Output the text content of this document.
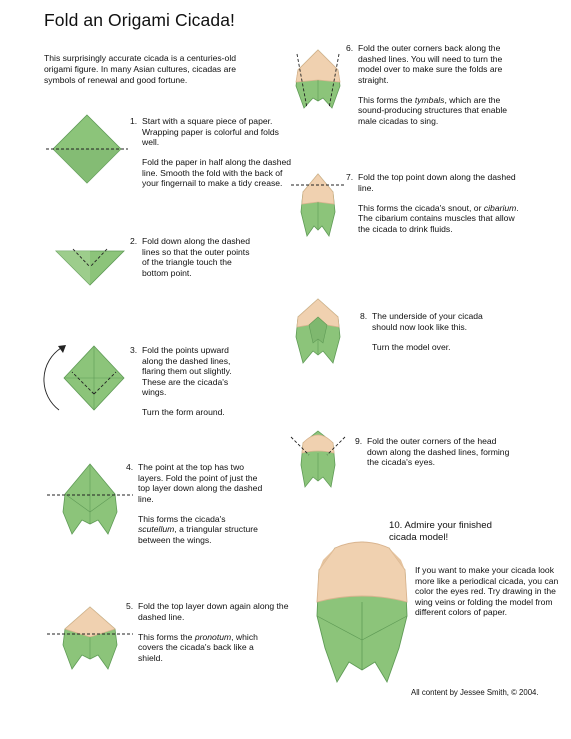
Fold an Origami Cicada!
This surprisingly accurate cicada is a centuries-old origami figure. In many Asian cultures, cicadas are symbols of renewal and good fortune.

1. Start with a square piece of paper. Wrapping paper is colorful and folds well.

Fold the paper in half along the dashed line. Smooth the fold with the back of your fingernail to make a tidy crease.

2. Fold down along the dashed lines so that the outer points of the triangle touch the bottom point.

3. Fold the points upward along the dashed lines, flaring them out slightly. These are the cicada's wings.

Turn the form around.

4. The point at the top has two layers. Fold the point of just the top layer down along the dashed line.

This forms the cicada's scutellum, a triangular structure between the wings.

5. Fold the top layer down again along the dashed line.

This forms the pronotum, which covers the cicada's back like a shield.

6. Fold the outer corners back along the dashed lines. You will need to turn the model over to make sure the folds are straight.

This forms the tymbals, which are the sound-producing structures that enable male cicadas to sing.

7. Fold the top point down along the dashed line.

This forms the cicada's snout, or cibarium. The cibarium contains muscles that allow the cicada to drink fluids.

8. The underside of your cicada should now look like this.

Turn the model over.

9. Fold the outer corners of the head down along the dashed lines, forming the cicada's eyes.

10. Admire your finished cicada model!

If you want to make your cicada look more like a periodical cicada, you can color the eyes red. Try drawing in the wing veins or folding the model from different colors of paper.

All content by Jessee Smith, © 2004.
